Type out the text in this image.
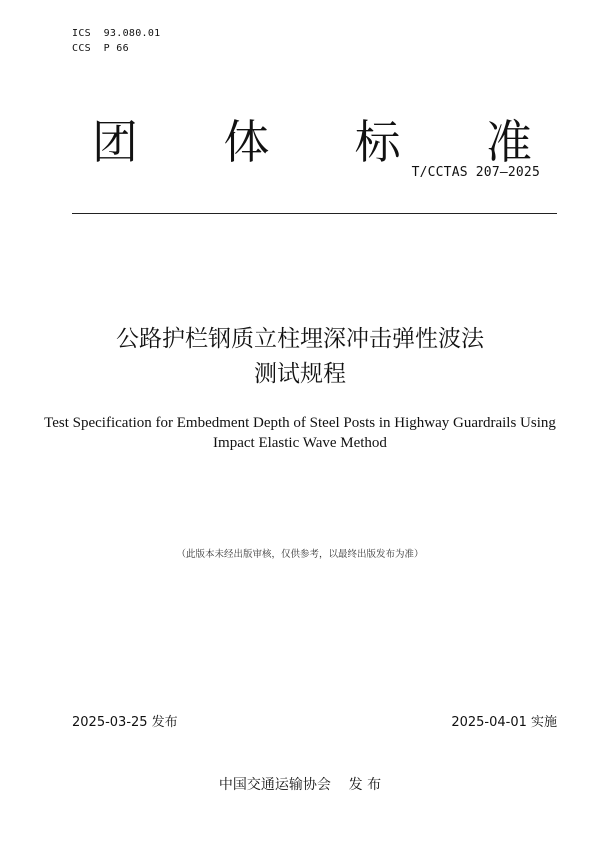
ICS  93.080.01
CCS  P 66
团 体 标 准
T/CCTAS 207—2025
公路护栏钢质立柱埋深冲击弹性波法
测试规程
Test Specification for Embedment Depth of Steel Posts in Highway Guardrails Using
Impact Elastic Wave Method
（此版本未经出版审核，仅供参考，以最终出版发布为准）
2025-03-25 发布	2025-04-01 实施
中国交通运输协会    发 布
